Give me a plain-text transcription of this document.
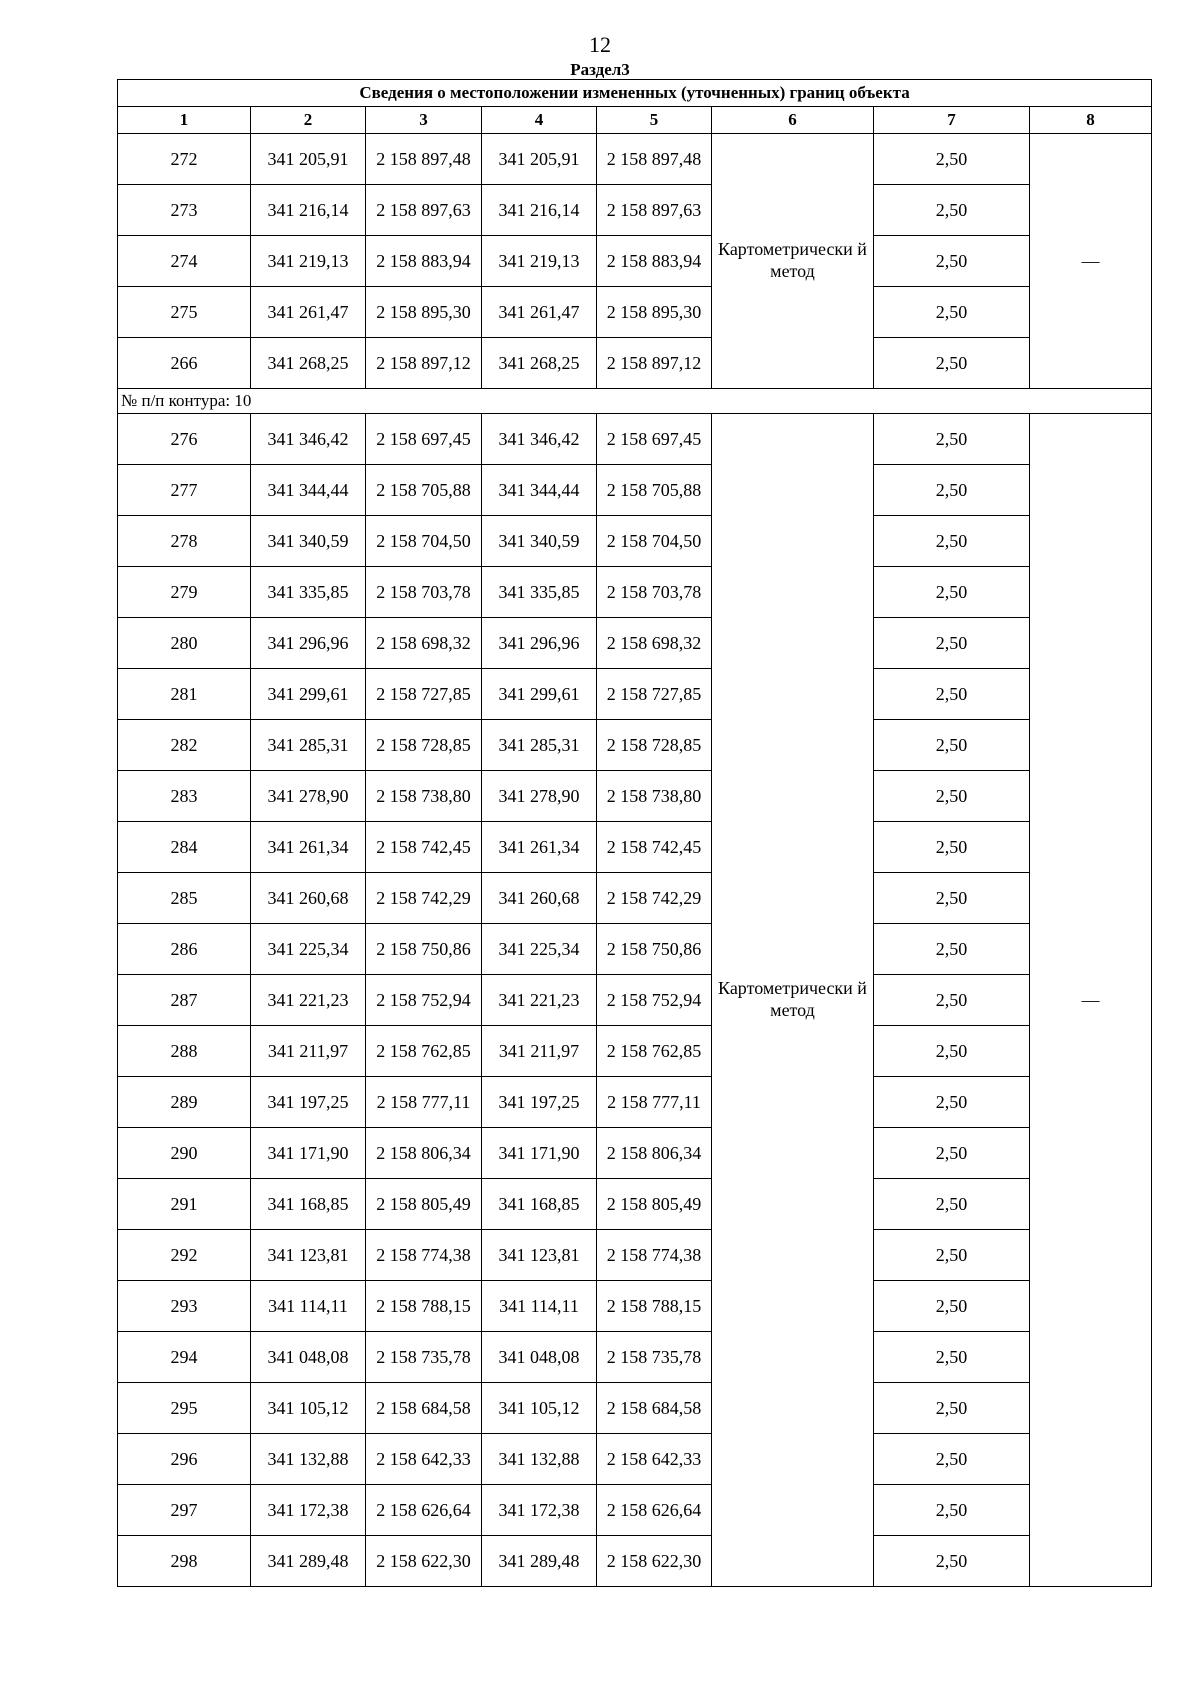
12
Раздел3
Сведения о местоположении измененных (уточненных) границ объекта							
1	2	3	4	5	6	7	8
272	341 205,91	2 158 897,48	341 205,91	2 158 897,48	Картометрически й метод	2,50	—
273	341 216,14	2 158 897,63	341 216,14	2 158 897,63		2,50	
274	341 219,13	2 158 883,94	341 219,13	2 158 883,94		2,50	
275	341 261,47	2 158 895,30	341 261,47	2 158 895,30		2,50	
266	341 268,25	2 158 897,12	341 268,25	2 158 897,12		2,50	
№ п/п контура: 10							
276	341 346,42	2 158 697,45	341 346,42	2 158 697,45	Картометрически й метод	2,50	—
277	341 344,44	2 158 705,88	341 344,44	2 158 705,88		2,50	
278	341 340,59	2 158 704,50	341 340,59	2 158 704,50		2,50	
279	341 335,85	2 158 703,78	341 335,85	2 158 703,78		2,50	
280	341 296,96	2 158 698,32	341 296,96	2 158 698,32		2,50	
281	341 299,61	2 158 727,85	341 299,61	2 158 727,85		2,50	
282	341 285,31	2 158 728,85	341 285,31	2 158 728,85		2,50	
283	341 278,90	2 158 738,80	341 278,90	2 158 738,80		2,50	
284	341 261,34	2 158 742,45	341 261,34	2 158 742,45		2,50	
285	341 260,68	2 158 742,29	341 260,68	2 158 742,29		2,50	
286	341 225,34	2 158 750,86	341 225,34	2 158 750,86		2,50	
287	341 221,23	2 158 752,94	341 221,23	2 158 752,94		2,50	
288	341 211,97	2 158 762,85	341 211,97	2 158 762,85		2,50	
289	341 197,25	2 158 777,11	341 197,25	2 158 777,11		2,50	
290	341 171,90	2 158 806,34	341 171,90	2 158 806,34		2,50	
291	341 168,85	2 158 805,49	341 168,85	2 158 805,49		2,50	
292	341 123,81	2 158 774,38	341 123,81	2 158 774,38		2,50	
293	341 114,11	2 158 788,15	341 114,11	2 158 788,15		2,50	
294	341 048,08	2 158 735,78	341 048,08	2 158 735,78		2,50	
295	341 105,12	2 158 684,58	341 105,12	2 158 684,58		2,50	
296	341 132,88	2 158 642,33	341 132,88	2 158 642,33		2,50	
297	341 172,38	2 158 626,64	341 172,38	2 158 626,64		2,50	
298	341 289,48	2 158 622,30	341 289,48	2 158 622,30		2,50	
